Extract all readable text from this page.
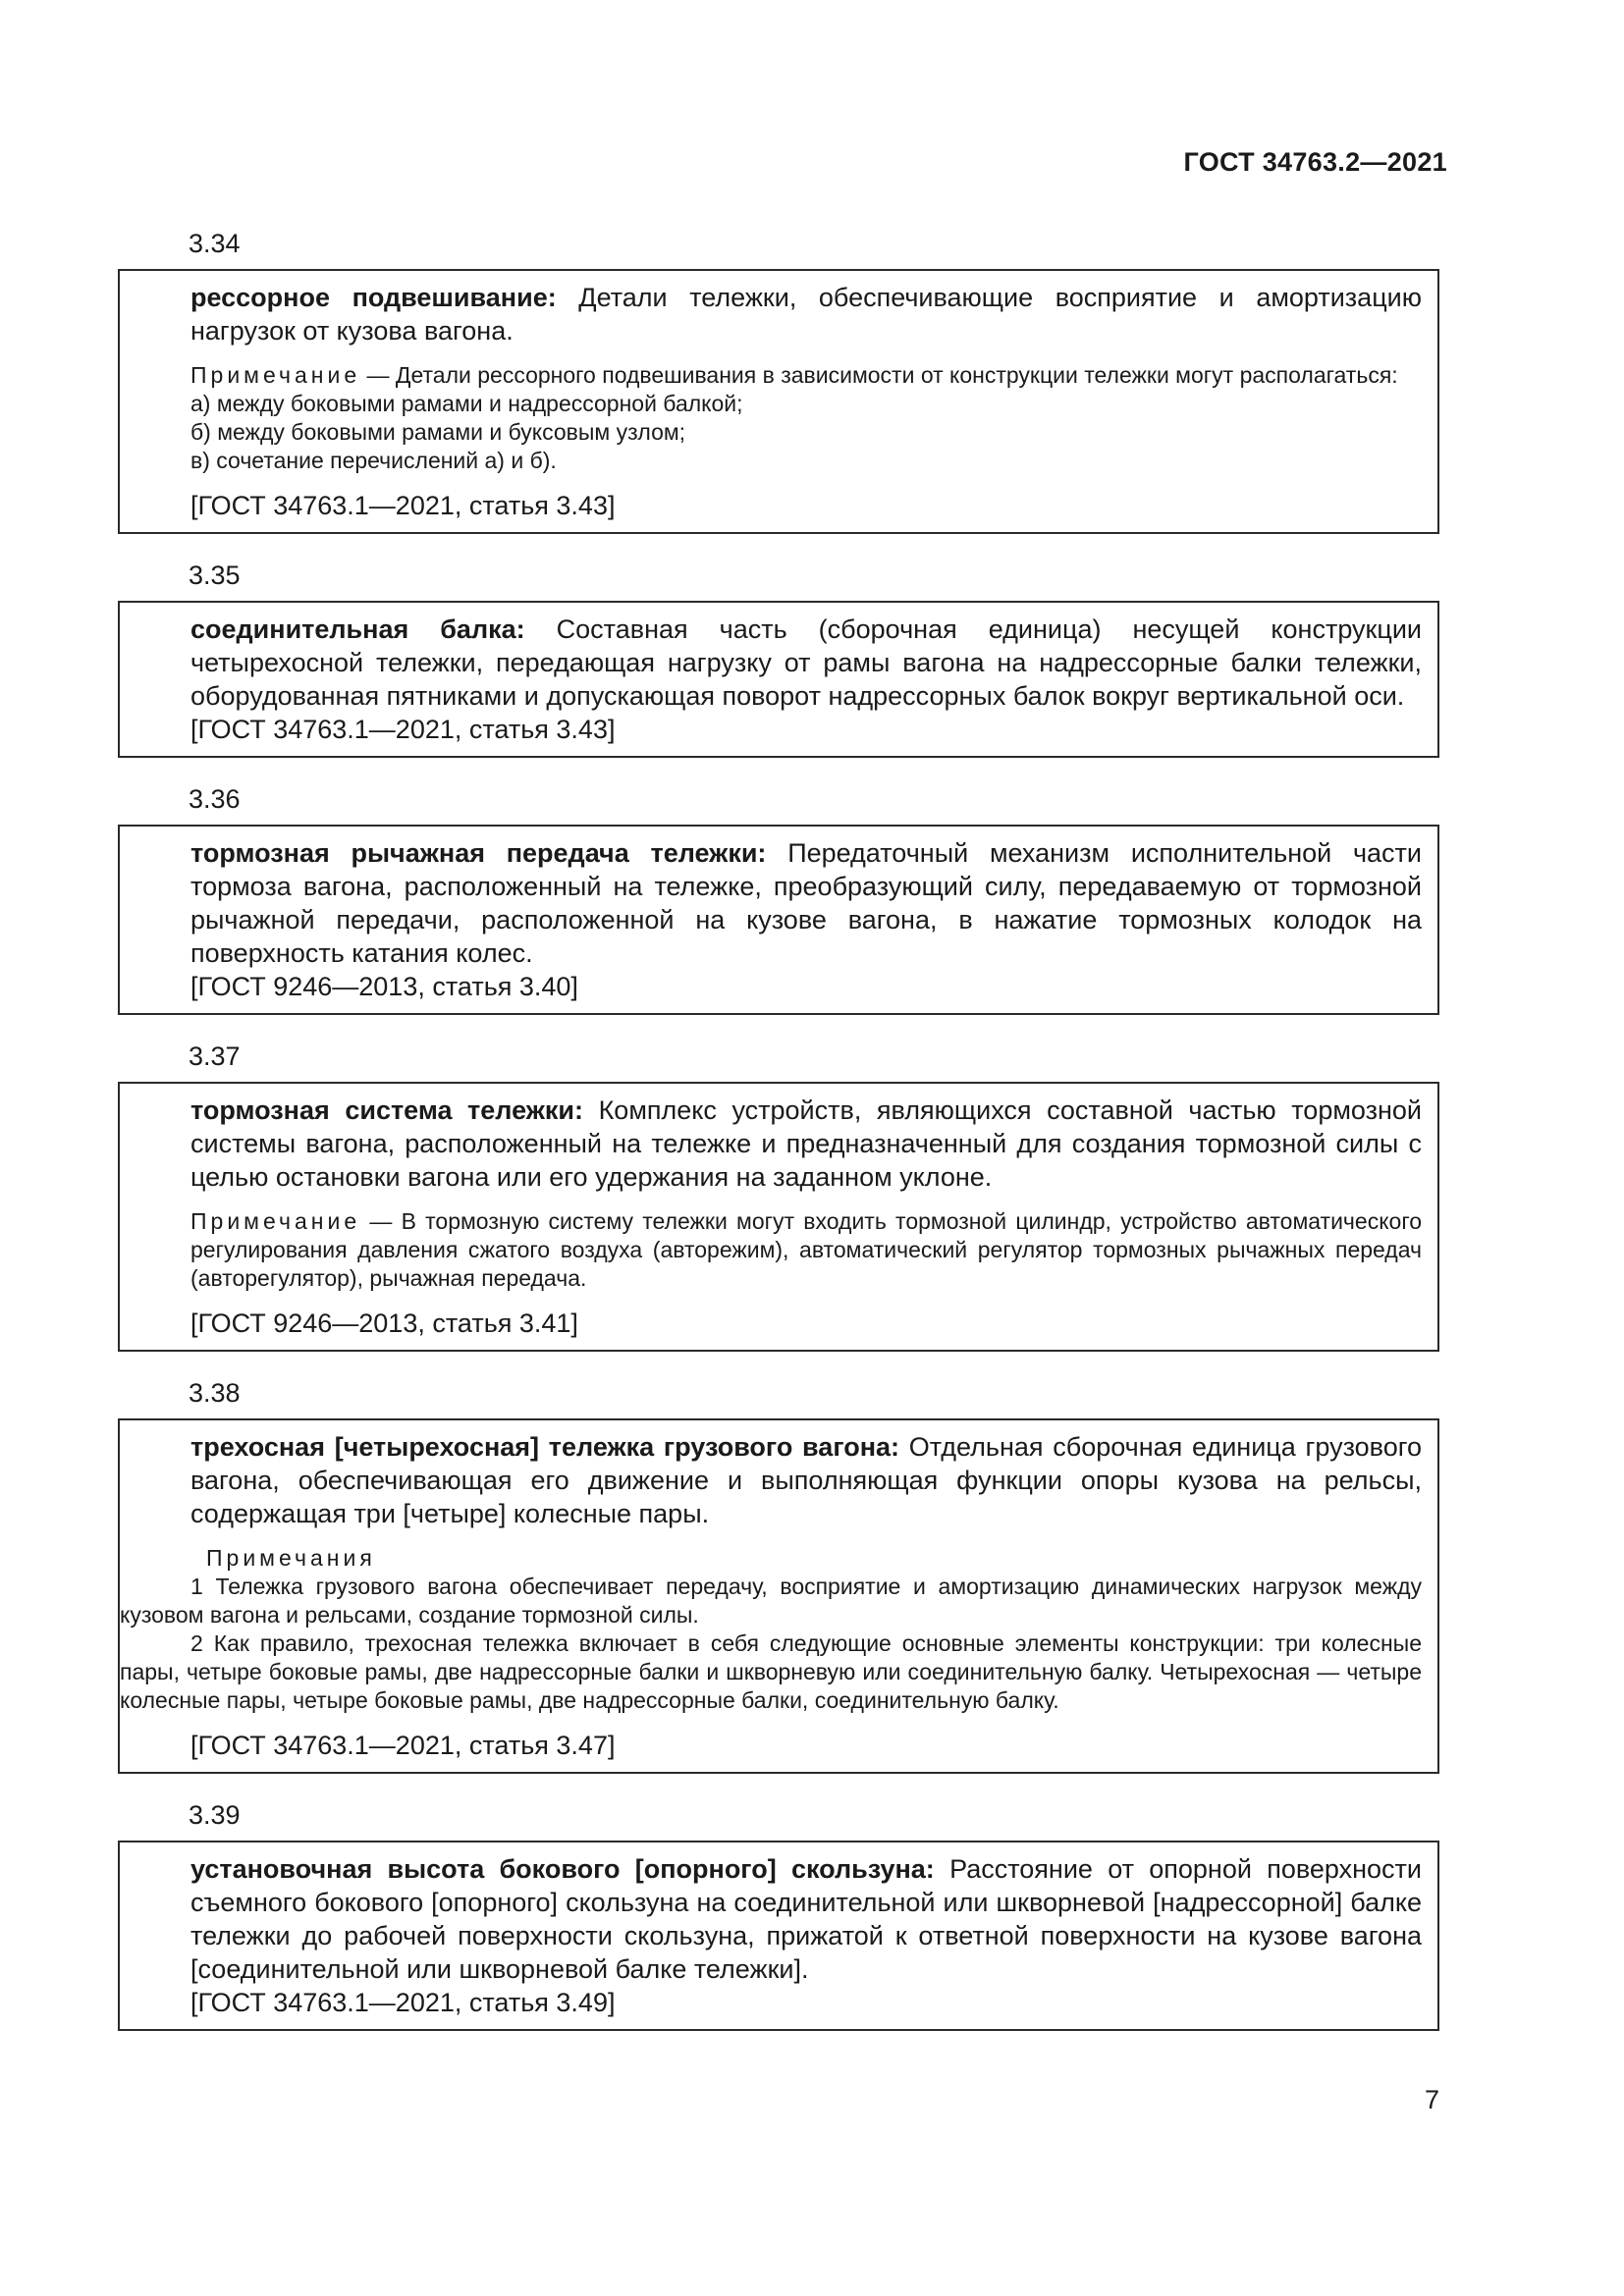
ГОСТ 34763.2—2021
3.34

рессорное подвешивание: Детали тележки, обеспечивающие восприятие и амортизацию нагрузок от кузова вагона.

Примечание — Детали рессорного подвешивания в зависимости от конструкции тележки могут располагаться:

а) между боковыми рамами и надрессорной балкой;

б) между боковыми рамами и буксовым узлом;

в) сочетание перечислений а) и б).

[ГОСТ 34763.1—2021, статья 3.43]

3.35

соединительная балка: Составная часть (сборочная единица) несущей конструкции четырехосной тележки, передающая нагрузку от рамы вагона на надрессорные балки тележки, оборудованная пятниками и допускающая поворот надрессорных балок вокруг вертикальной оси.

[ГОСТ 34763.1—2021, статья 3.43]

3.36

тормозная рычажная передача тележки: Передаточный механизм исполнительной части тормоза вагона, расположенный на тележке, преобразующий силу, передаваемую от тормозной рычажной передачи, расположенной на кузове вагона, в нажатие тормозных колодок на поверхность катания колес.

[ГОСТ 9246—2013, статья 3.40]

3.37

тормозная система тележки: Комплекс устройств, являющихся составной частью тормозной системы вагона, расположенный на тележке и предназначенный для создания тормозной силы с целью остановки вагона или его удержания на заданном уклоне.

Примечание — В тормозную систему тележки могут входить тормозной цилиндр, устройство автоматического регулирования давления сжатого воздуха (авторежим), автоматический регулятор тормозных рычажных передач (авторегулятор), рычажная передача.

[ГОСТ 9246—2013, статья 3.41]

3.38

трехосная [четырехосная] тележка грузового вагона: Отдельная сборочная единица грузового вагона, обеспечивающая его движение и выполняющая функции опоры кузова на рельсы, содержащая три [четыре] колесные пары.

Примечания

1 Тележка грузового вагона обеспечивает передачу, восприятие и амортизацию динамических нагрузок между кузовом вагона и рельсами, создание тормозной силы.

2 Как правило, трехосная тележка включает в себя следующие основные элементы конструкции: три колесные пары, четыре боковые рамы, две надрессорные балки и шкворневую или соединительную балку. Четырехосная — четыре колесные пары, четыре боковые рамы, две надрессорные балки, соединительную балку.

[ГОСТ 34763.1—2021, статья 3.47]

3.39

установочная высота бокового [опорного] скользуна: Расстояние от опорной поверхности съемного бокового [опорного] скользуна на соединительной или шкворневой [надрессорной] балке тележки до рабочей поверхности скользуна, прижатой к ответной поверхности на кузове вагона [соединительной или шкворневой балке тележки].

[ГОСТ 34763.1—2021, статья 3.49]

7
